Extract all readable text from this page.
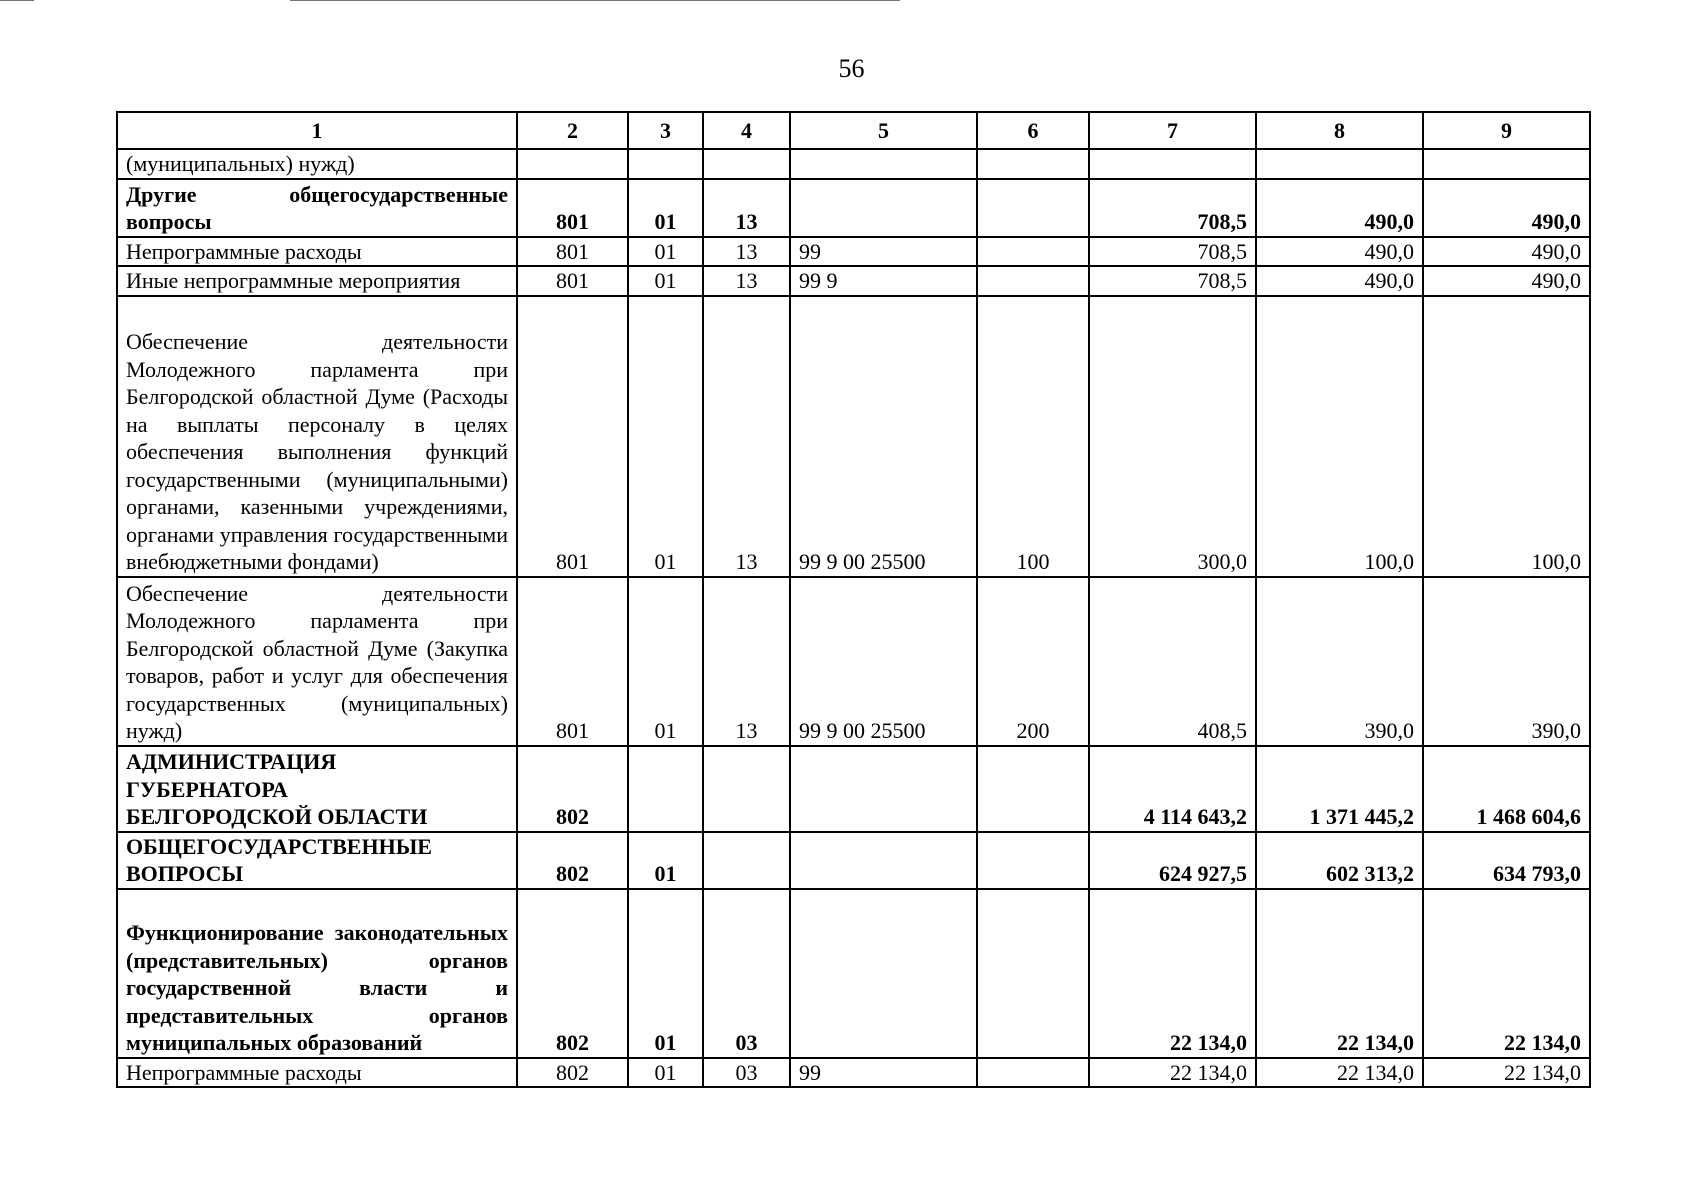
56
1	2	3	4	5	6	7	8	9
(муниципальных) нужд)								
Другие общегосударственные вопросы	801	01	13			708,5	490,0	490,0
Непрограммные расходы	801	01	13	99		708,5	490,0	490,0
Иные непрограммные мероприятия	801	01	13	99 9		708,5	490,0	490,0
Обеспечение деятельности Молодежного парламента при Белгородской областной Думе (Расходы на выплаты персоналу в целях обеспечения выполнения функций государственными (муниципальными) органами, казенными учреждениями, органами управления государственными внебюджетными фондами)	801	01	13	99 9 00 25500	100	300,0	100,0	100,0
Обеспечение деятельности Молодежного парламента при Белгородской областной Думе (Закупка товаров, работ и услуг для обеспечения государственных (муниципальных) нужд)	801	01	13	99 9 00 25500	200	408,5	390,0	390,0
АДМИНИСТРАЦИЯ ГУБЕРНАТОРА БЕЛГОРОДСКОЙ ОБЛАСТИ	802					4 114 643,2	1 371 445,2	1 468 604,6
ОБЩЕГОСУДАРСТВЕННЫЕ ВОПРОСЫ	802	01				624 927,5	602 313,2	634 793,0
Функционирование законодательных (представительных) органов государственной власти и представительных органов муниципальных образований	802	01	03			22 134,0	22 134,0	22 134,0
Непрограммные расходы	802	01	03	99		22 134,0	22 134,0	22 134,0
